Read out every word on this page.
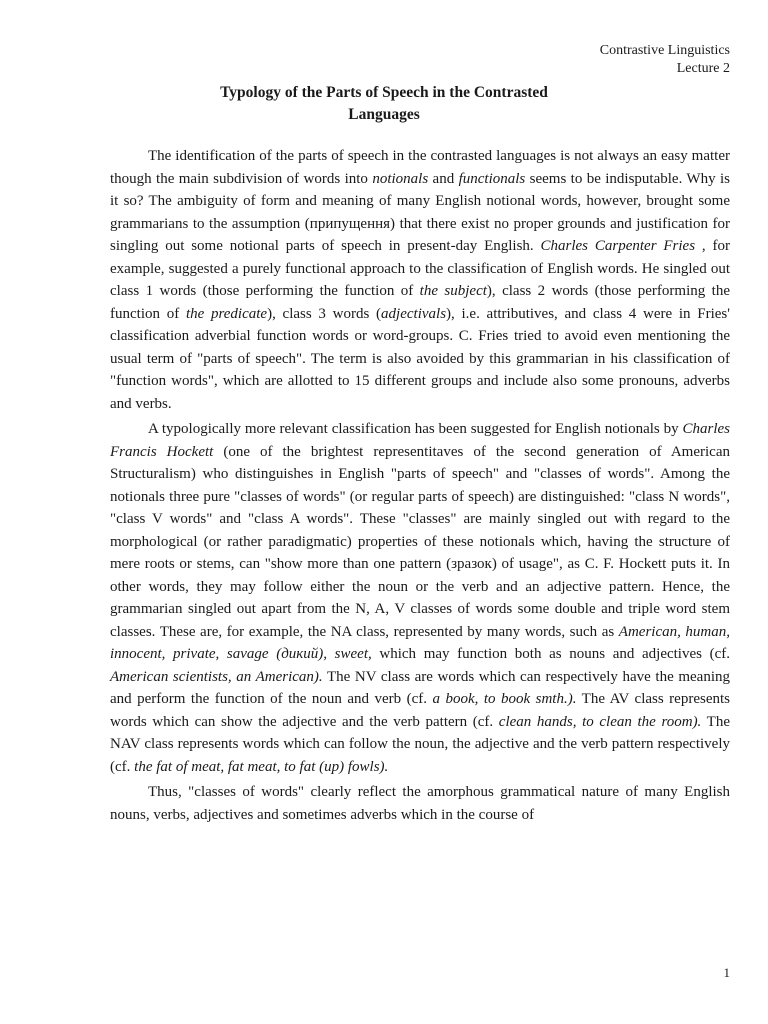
Contrastive Linguistics
Lecture 2
Typology of the Parts of Speech in the Contrasted
Languages

The identification of the parts of speech in the contrasted languages is not always an easy matter though the main subdivision of words into notionals and functionals seems to be indisputable. Why is it so? The ambiguity of form and meaning of many English notional words, however, brought some grammarians to the assumption (припущення) that there exist no proper grounds and justification for singling out some notional parts of speech in present-day English. Charles Carpenter Fries , for example, suggested a purely functional approach to the classification of English words. He singled out class 1 words (those performing the function of the subject), class 2 words (those performing the function of the predicate), class 3 words (adjectivals), i.e. attributives, and class 4 were in Fries' classification adverbial function words or word-groups. C. Fries tried to avoid even mentioning the usual term of "parts of speech". The term is also avoided by this grammarian in his classification of "function words", which are allotted to 15 different groups and include also some pronouns, adverbs and verbs.

A typologically more relevant classification has been suggested for English notionals by Charles Francis Hockett (one of the brightest representitaves of the second generation of American Structuralism) who distinguishes in English "parts of speech" and "classes of words". Among the notionals three pure "classes of words" (or regular parts of speech) are distinguished: "class N words", "class V words" and "class A words". These "classes" are mainly singled out with regard to the morphological (or rather paradigmatic) properties of these notionals which, having the structure of mere roots or stems, can "show more than one pattern (зразок) of usage", as C. F. Hockett puts it. In other words, they may follow either the noun or the verb and an adjective pattern. Hence, the grammarian singled out apart from the N, A, V classes of words some double and triple word stem classes. These are, for example, the NA class, represented by many words, such as American, human, innocent, private, savage (дикий), sweet, which may function both as nouns and adjectives (cf. American scientists, an American). The NV class are words which can respectively have the meaning and perform the function of the noun and verb (cf. a book, to book smth.). The AV class represents words which can show the adjective and the verb pattern (cf. clean hands, to clean the room). The NAV class represents words which can follow the noun, the adjective and the verb pattern respectively (cf. the fat of meat, fat meat, to fat (up) fowls).

Thus, "classes of words" clearly reflect the amorphous grammatical nature of many English nouns, verbs, adjectives and sometimes adverbs which in the course of

1
